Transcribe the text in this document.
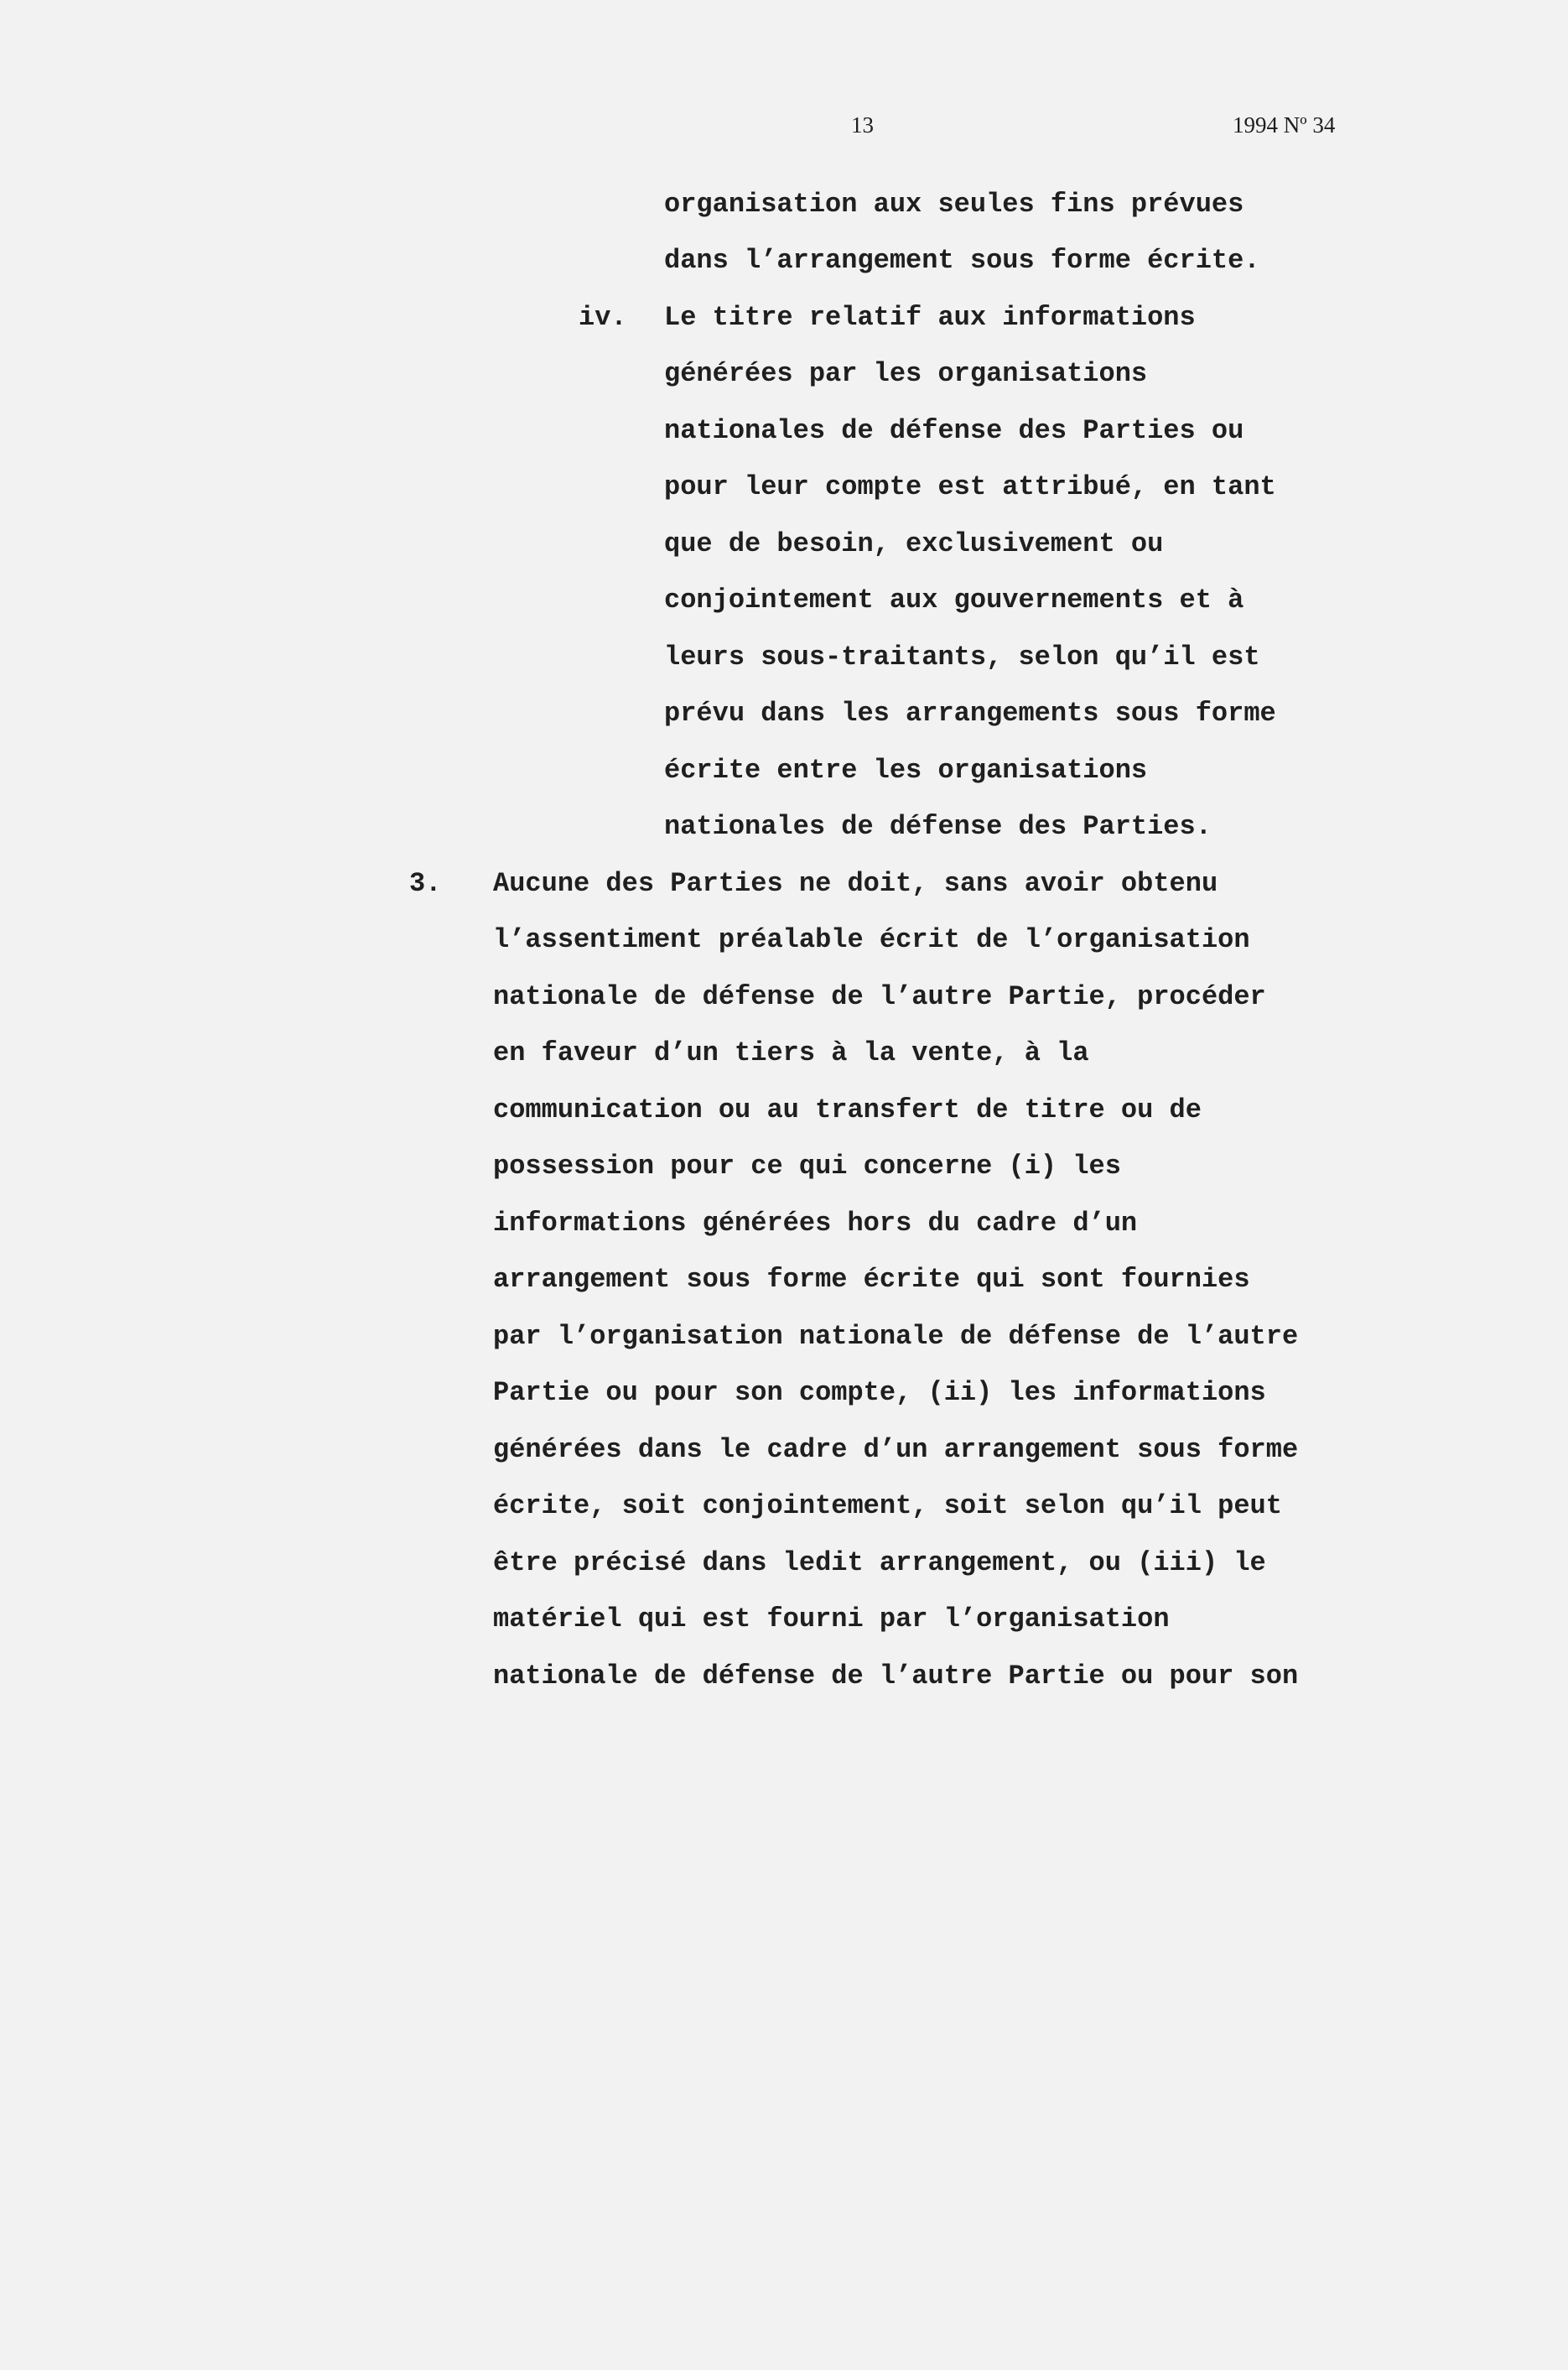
13	1994 Nº 34
organisation aux seules fins prévues
dans l’arrangement sous forme écrite.
iv. Le titre relatif aux informations
générées par les organisations
nationales de défense des Parties ou
pour leur compte est attribué, en tant
que de besoin, exclusivement ou
conjointement aux gouvernements et à
leurs sous-traitants, selon qu’il est
prévu dans les arrangements sous forme
écrite entre les organisations
nationales de défense des Parties.
3. Aucune des Parties ne doit, sans avoir obtenu
l’assentiment préalable écrit de l’organisation
nationale de défense de l’autre Partie, procéder
en faveur d’un tiers à la vente, à la
communication ou au transfert de titre ou de
possession pour ce qui concerne (i) les
informations générées hors du cadre d’un
arrangement sous forme écrite qui sont fournies
par l’organisation nationale de défense de l’autre
Partie ou pour son compte, (ii) les informations
générées dans le cadre d’un arrangement sous forme
écrite, soit conjointement, soit selon qu’il peut
être précisé dans ledit arrangement, ou (iii) le
matériel qui est fourni par l’organisation
nationale de défense de l’autre Partie ou pour son
